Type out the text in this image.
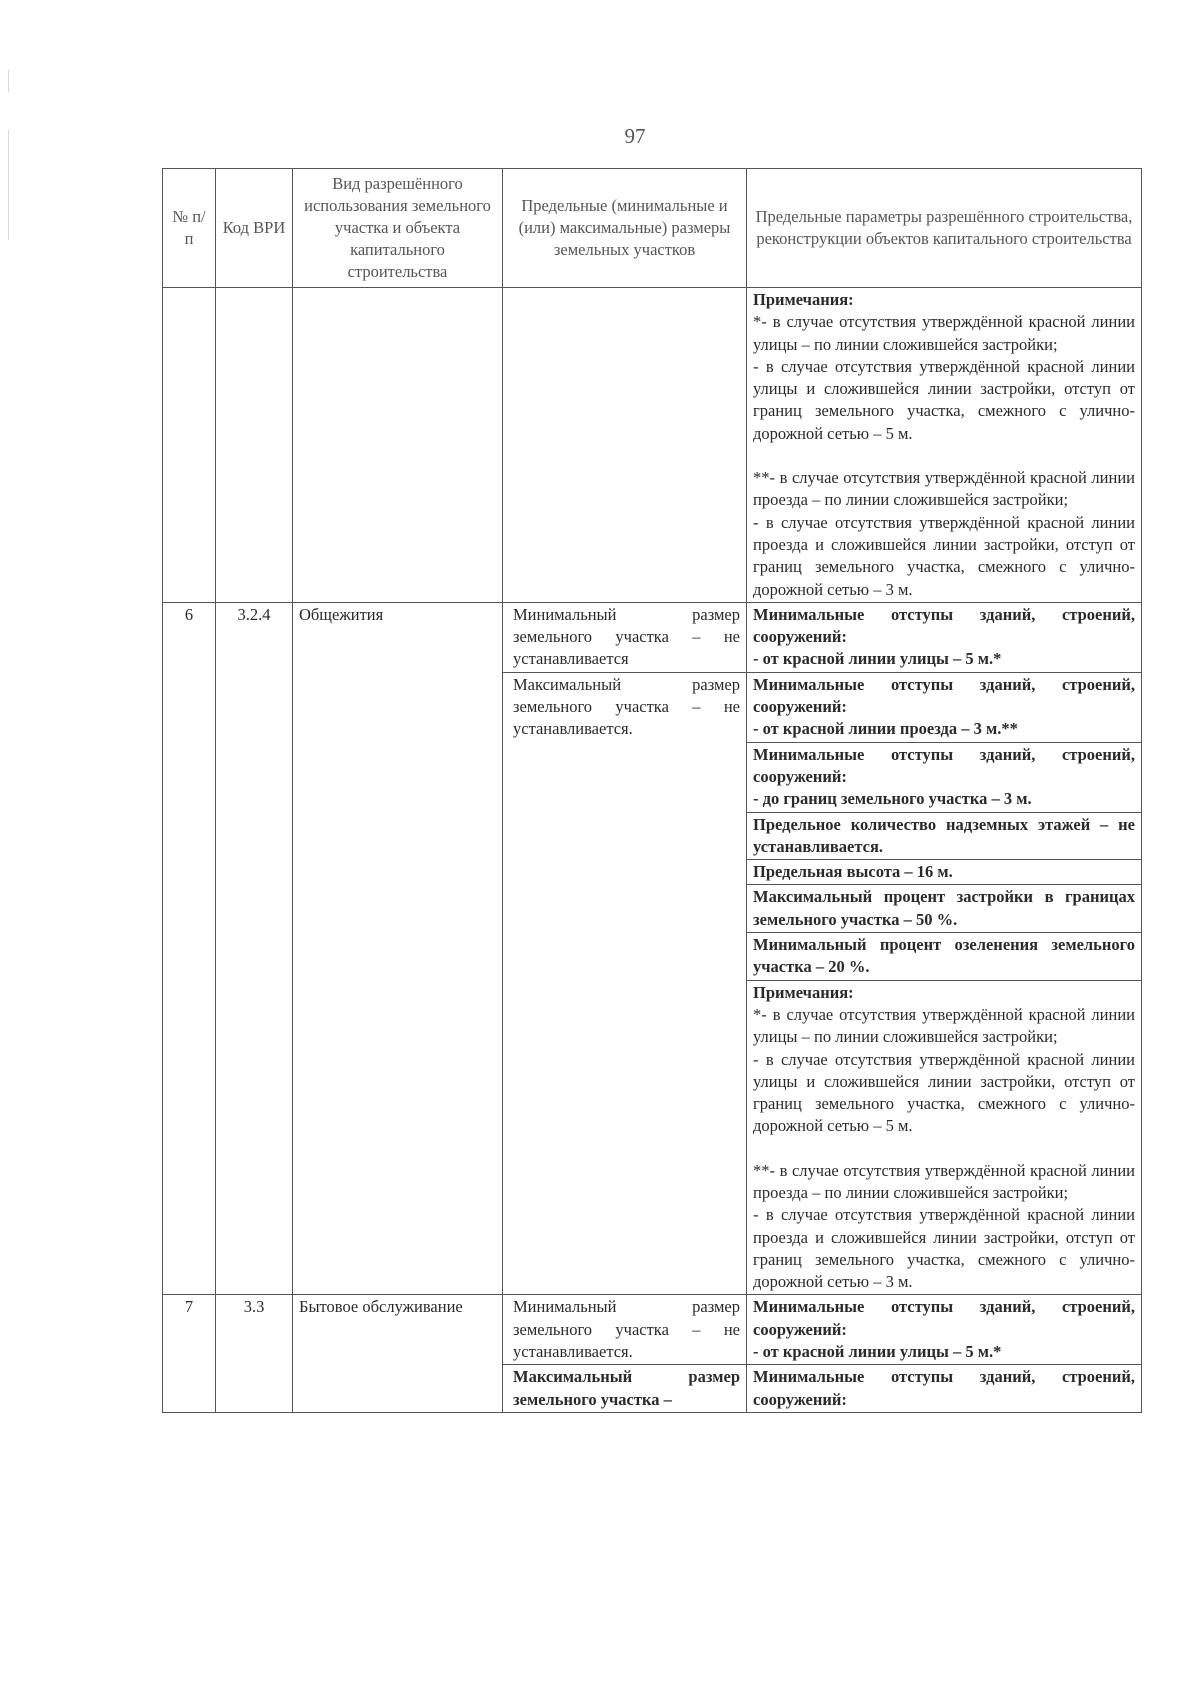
97
№ п/п	Код ВРИ	Вид разрешённого использования земельного участка и объекта капитального строительства	Предельные (минимальные и (или) максимальные) размеры земельных участков	Предельные параметры разрешённого строительства, реконструкции объектов капитального строительства

				Примечания:
*- в случае отсутствия утверждённой красной линии улицы – по линии сложившейся застройки;
- в случае отсутствия утверждённой красной линии улицы и сложившейся линии застройки, отступ от границ земельного участка, смежного с улично-дорожной сетью – 5 м.
**- в случае отсутствия утверждённой красной линии проезда – по линии сложившейся застройки;
- в случае отсутствия утверждённой красной линии проезда и сложившейся линии застройки, отступ от границ земельного участка, смежного с улично-дорожной сетью – 3 м.

6	3.2.4	Общежития	Минимальный размер земельного участка – не устанавливается	Минимальные отступы зданий, строений, сооружений:
- от красной линии улицы – 5 м.*

			Максимальный размер земельного участка – не устанавливается.	Минимальные отступы зданий, строений, сооружений:
- от красной линии проезда – 3 м.**

				Минимальные отступы зданий, строений, сооружений:
- до границ земельного участка – 3 м.

				Предельное количество надземных этажей – не устанавливается.
				Предельная высота – 16 м.
				Максимальный процент застройки в границах земельного участка – 50 %.
				Минимальный процент озеленения земельного участка – 20 %.

				Примечания:
*- в случае отсутствия утверждённой красной линии улицы – по линии сложившейся застройки;
- в случае отсутствия утверждённой красной линии улицы и сложившейся линии застройки, отступ от границ земельного участка, смежного с улично-дорожной сетью – 5 м.
**- в случае отсутствия утверждённой красной линии проезда – по линии сложившейся застройки;
- в случае отсутствия утверждённой красной линии проезда и сложившейся линии застройки, отступ от границ земельного участка, смежного с улично-дорожной сетью – 3 м.

7	3.3	Бытовое обслуживание	Минимальный размер земельного участка – не устанавливается.	Минимальные отступы зданий, строений, сооружений:
- от красной линии улицы – 5 м.*

			Максимальный размер земельного участка –	Минимальные отступы зданий, строений, сооружений:
